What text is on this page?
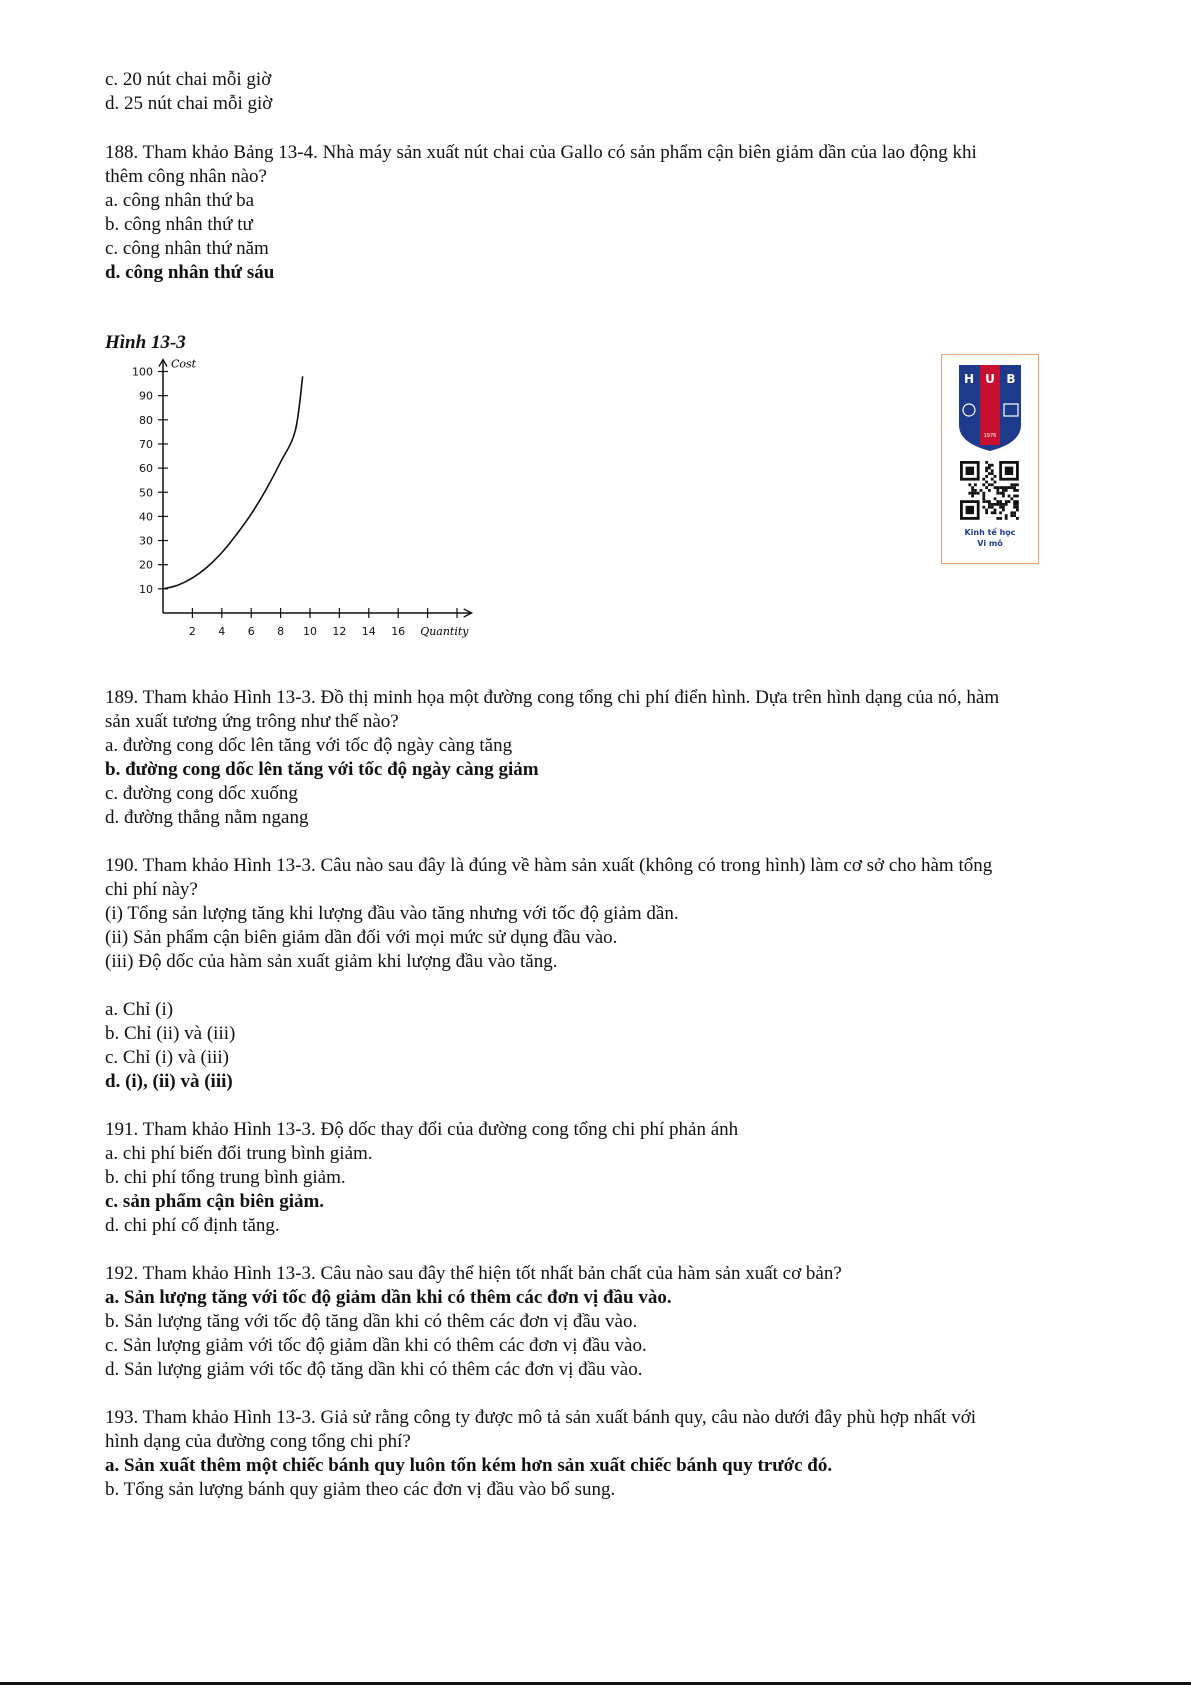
c. 20 nút chai mỗi giờ
d. 25 nút chai mỗi giờ
188. Tham khảo Bảng 13-4. Nhà máy sản xuất nút chai của Gallo có sản phẩm cận biên giảm dần của lao động khi
thêm công nhân nào?
a. công nhân thứ ba
b. công nhân thứ tư
c. công nhân thứ năm
d. công nhân thứ sáu
Hình 13-3
2 4 6 8 10 12 14 16
10
20
30
40
50
60
70
80
90
100
Cost
Quantity
H U B
1976
Kinh tế học
Vi mô
189. Tham khảo Hình 13-3. Đồ thị minh họa một đường cong tổng chi phí điển hình. Dựa trên hình dạng của nó, hàm
sản xuất tương ứng trông như thế nào?
a. đường cong dốc lên tăng với tốc độ ngày càng tăng
b. đường cong dốc lên tăng với tốc độ ngày càng giảm
c. đường cong dốc xuống
d. đường thẳng nằm ngang
190. Tham khảo Hình 13-3. Câu nào sau đây là đúng về hàm sản xuất (không có trong hình) làm cơ sở cho hàm tổng
chi phí này?
(i) Tổng sản lượng tăng khi lượng đầu vào tăng nhưng với tốc độ giảm dần.
(ii) Sản phẩm cận biên giảm dần đối với mọi mức sử dụng đầu vào.
(iii) Độ dốc của hàm sản xuất giảm khi lượng đầu vào tăng.
a. Chỉ (i)
b. Chỉ (ii) và (iii)
c. Chỉ (i) và (iii)
d. (i), (ii) và (iii)
191. Tham khảo Hình 13-3. Độ dốc thay đổi của đường cong tổng chi phí phản ánh
a. chi phí biến đổi trung bình giảm.
b. chi phí tổng trung bình giảm.
c. sản phẩm cận biên giảm.
d. chi phí cố định tăng.
192. Tham khảo Hình 13-3. Câu nào sau đây thể hiện tốt nhất bản chất của hàm sản xuất cơ bản?
a. Sản lượng tăng với tốc độ giảm dần khi có thêm các đơn vị đầu vào.
b. Sản lượng tăng với tốc độ tăng dần khi có thêm các đơn vị đầu vào.
c. Sản lượng giảm với tốc độ giảm dần khi có thêm các đơn vị đầu vào.
d. Sản lượng giảm với tốc độ tăng dần khi có thêm các đơn vị đầu vào.
193. Tham khảo Hình 13-3. Giả sử rằng công ty được mô tả sản xuất bánh quy, câu nào dưới đây phù hợp nhất với
hình dạng của đường cong tổng chi phí?
a. Sản xuất thêm một chiếc bánh quy luôn tốn kém hơn sản xuất chiếc bánh quy trước đó.
b. Tổng sản lượng bánh quy giảm theo các đơn vị đầu vào bổ sung.
